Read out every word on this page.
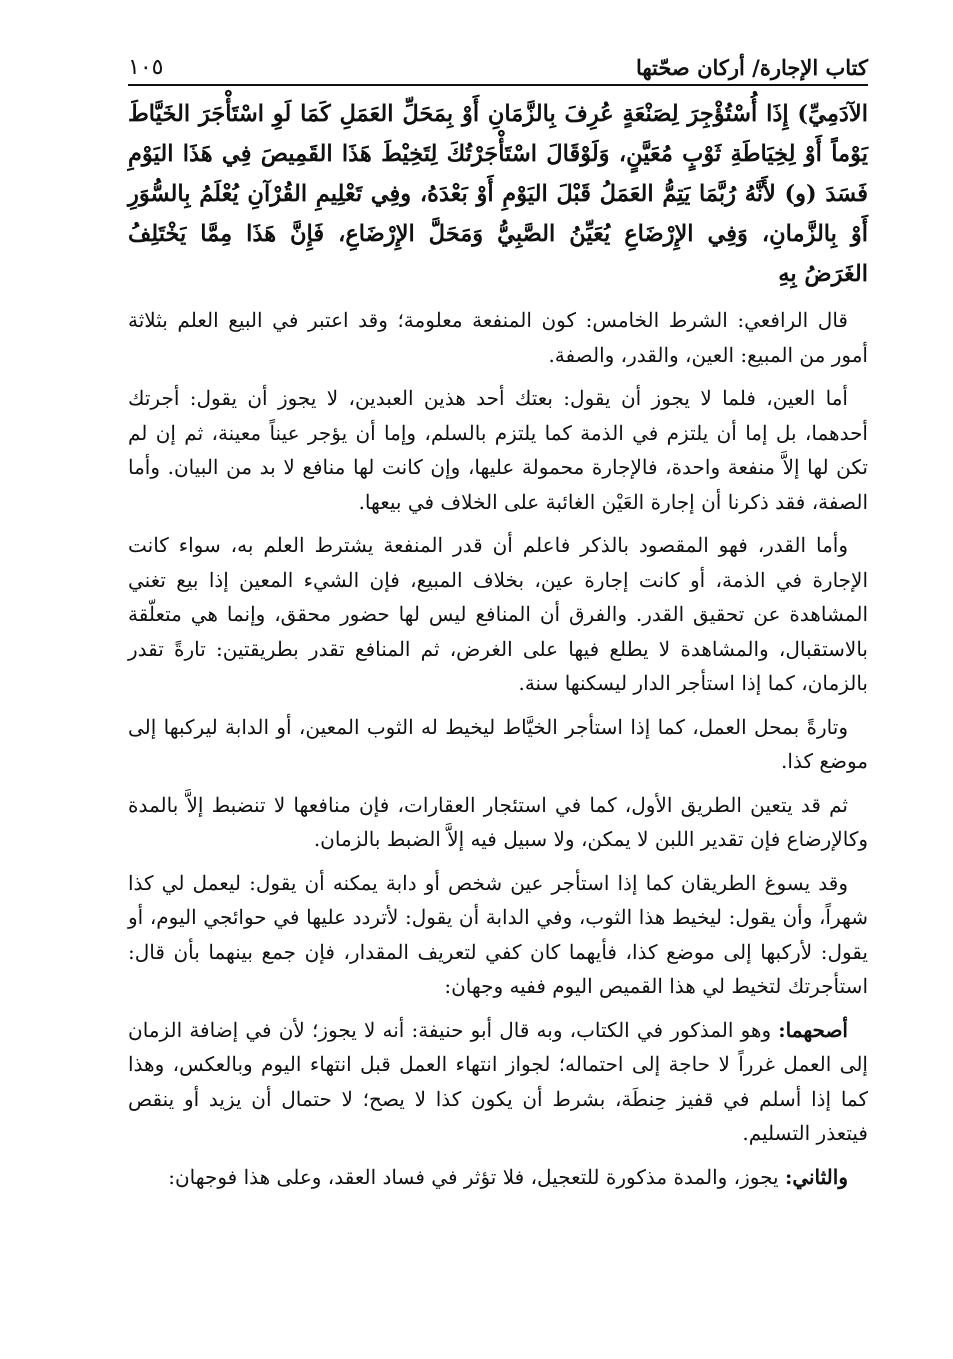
كتاب الإجارة/ أركان صحّتها
١٠٥
الآدَمِيِّ) إِذَا أُسْتُؤْجِرَ لِصَنْعَةٍ عُرِفَ بِالزَّمَانِ أَوْ بِمَحَلِّ العَمَلِ كَمَا لَوِ اسْتَأْجَرَ الخَيَّاطَ يَوْماً أَوْ لِخِيَاطَةِ ثَوْبٍ مُعَيَّنٍ، وَلَوْقَالَ اسْتَأْجَرْتُكَ لِتَخِيْطَ هَذَا القَمِيصَ فِي هَذَا اليَوْمِ فَسَدَ (و) لأَنَّهُ رُبَّمَا يَتِمُّ العَمَلُ قَبْلَ اليَوْمِ أَوْ بَعْدَهُ، وفِي تَعْلِيمِ القُرْآنِ يُعْلَمُ بِالسُّوَرِ أَوْ بِالزَّمانِ، وَفِي الإِرْضَاعِ يُعَيِّنُ الصَّبِيُّ وَمَحَلَّ الإِرْضَاعِ، فَإِنَّ هَذَا مِمَّا يَخْتَلِفُ الغَرَضُ بِهِ

قال الرافعي: الشرط الخامس: كون المنفعة معلومة؛ وقد اعتبر في البيع العلم بثلاثة أمور من المبيع: العين، والقدر، والصفة.

أما العين، فلما لا يجوز أن يقول: بعتك أحد هذين العبدين، لا يجوز أن يقول: أجرتك أحدهما، بل إما أن يلتزم في الذمة كما يلتزم بالسلم، وإما أن يؤجر عيناً معينة، ثم إن لم تكن لها إلاَّ منفعة واحدة، فالإجارة محمولة عليها، وإن كانت لها منافع لا بد من البيان. وأما الصفة، فقد ذكرنا أن إجارة العَيْن الغائبة على الخلاف في بيعها.

وأما القدر، فهو المقصود بالذكر فاعلم أن قدر المنفعة يشترط العلم به، سواء كانت الإجارة في الذمة، أو كانت إجارة عين، بخلاف المبيع، فإن الشيء المعين إذا بيع تغني المشاهدة عن تحقيق القدر. والفرق أن المنافع ليس لها حضور محقق، وإنما هي متعلّقة بالاستقبال، والمشاهدة لا يطلع فيها على الغرض، ثم المنافع تقدر بطريقتين: تارةً تقدر بالزمان، كما إذا استأجر الدار ليسكنها سنة.

وتارةً بمحل العمل، كما إذا استأجر الخيَّاط ليخيط له الثوب المعين، أو الدابة ليركبها إلى موضع كذا.

ثم قد يتعين الطريق الأول، كما في استئجار العقارات، فإن منافعها لا تنضبط إلاَّ بالمدة وكالإرضاع فإن تقدير اللبن لا يمكن، ولا سبيل فيه إلاَّ الضبط بالزمان.

وقد يسوغ الطريقان كما إذا استأجر عين شخص أو دابة يمكنه أن يقول: ليعمل لي كذا شهراً، وأن يقول: ليخيط هذا الثوب، وفي الدابة أن يقول: لأتردد عليها في حوائجي اليوم، أو يقول: لأركبها إلى موضع كذا، فأيهما كان كفي لتعريف المقدار، فإن جمع بينهما بأن قال: استأجرتك لتخيط لي هذا القميص اليوم ففيه وجهان:

أصحهما: وهو المذكور في الكتاب، وبه قال أبو حنيفة: أنه لا يجوز؛ لأن في إضافة الزمان إلى العمل غرراً لا حاجة إلى احتماله؛ لجواز انتهاء العمل قبل انتهاء اليوم وبالعكس، وهذا كما إذا أسلم في قفيز حِنطَة، بشرط أن يكون كذا لا يصح؛ لا حتمال أن يزيد أو ينقص فيتعذر التسليم.

والثاني: يجوز، والمدة مذكورة للتعجيل، فلا تؤثر في فساد العقد، وعلى هذا فوجهان:
